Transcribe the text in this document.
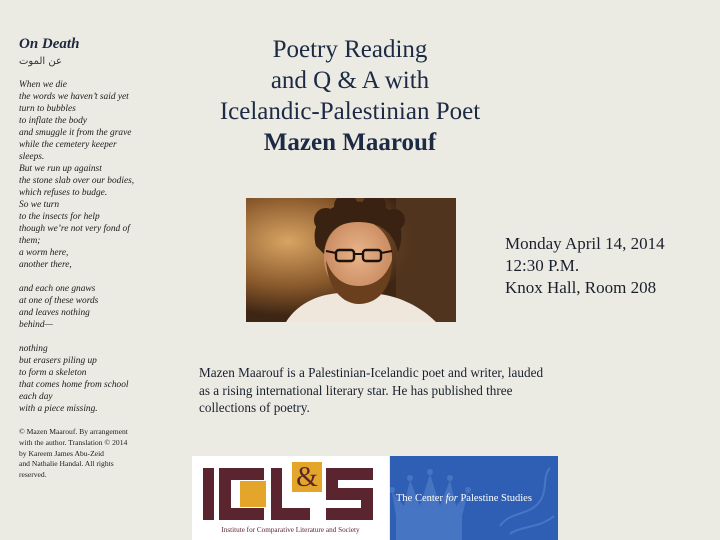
On Death
عن الموت
When we die
the words we haven’t said yet
turn to bubbles
to inflate the body
and smuggle it from the grave
while the cemetery keeper
sleeps.
But we run up against
the stone slab over our bodies,
which refuses to budge.
So we turn
to the insects for help
though we’re not very fond of
them;
a worm here,
another there,
and each one gnaws
at one of these words
and leaves nothing
behind—
nothing
but erasers piling up
to form a skeleton
that comes home from school
each day
with a piece missing.
© Mazen Maarouf. By arrangement
with the author. Translation © 2014
by Kareem James Abu-Zeid
and Nathalie Handal. All rights
reserved.
Poetry Reading
and Q & A with
Icelandic-Palestinian Poet
Mazen Maarouf
Monday April 14, 2014
12:30 P.M.
Knox Hall, Room 208
Mazen Maarouf is a Palestinian-Icelandic poet and writer, lauded as a rising international literary star. He has published three collections of poetry.
&
Institute for Comparative Literature and Society
The Center for Palestine Studies
